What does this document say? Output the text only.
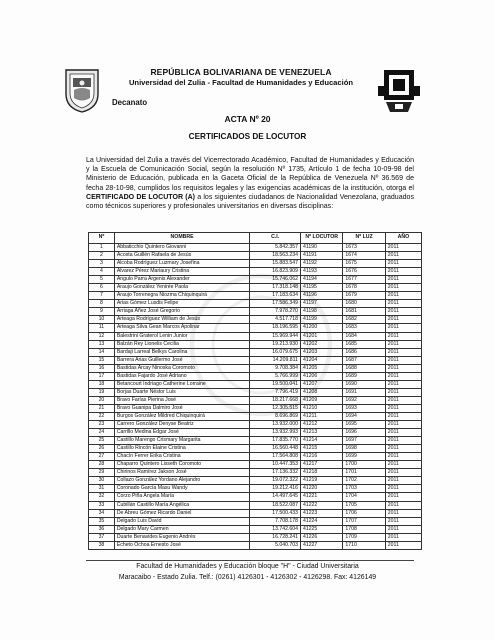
REPÚBLICA BOLIVARIANA DE VENEZUELA
Universidad del Zulia - Facultad de Humanidades y Educación
Decanato
ACTA Nº 20
CERTIFICADOS DE LOCUTOR
La Universidad del Zulia a través del Vicerrectorado Académico, Facultad de Humanidades y Educación y la Escuela de Comunicación Social, según la resolución Nº 1735, Artículo 1 de fecha 10-09-98 del Ministerio de Educación, publicada en la Gaceta Oficial de la República de Venezuela Nº 36.569 de fecha 28-10-98, cumplidos los requisitos legales y las exigencias académicas de la institución, otorga el CERTIFICADO DE LOCUTOR (A) a los siguientes ciudadanos de Nacionalidad Venezolana, graduados como técnicos superiores y profesionales universitarios en diversas disciplinas:
Nº	NOMBRE	C.I.	Nº LOCUTOR	Nº LUZ	AÑO
1	Abbaticchio Quintero Giovanni	5.842.357	41190	1673	2011
2	Acosta Guillén Rafaela de Jesús	18.563.234	41191	1674	2011
3	Alcoba Rodríguez Luzmary Josefina	15.883.547	41192	1675	2011
4	Álvarez Pérez Mariaury Cristina	16.823.909	41193	1676	2011
5	Angulo Parra Argenis Alexander	15.746.062	41194	1677	2011
6	Araujo González Yenirée Paola	17.318.148	41195	1678	2011
7	Araujo Torrenegra Niozma Chiquinquirá	17.183.634	41196	1679	2011
8	Arias Gómez Lusdis Felipe	17.586.349	41197	1680	2011
9	Arriaga Añez José Gregorio	7.978.270	41198	1681	2011
10	Arteaga Rodríguez William de Jesús	4.517.718	41199	1682	2011
11	Arteaga Silva Gean Marcos Apolinar	18.196.595	41200	1683	2011
12	Balestrini Graterol Lenin Junior	15.969.944	41201	1684	2011
13	Balzán Rey Lionelis Cecilia	19.213.930	41202	1685	2011
14	Bardaji Larreal Belkys Carolina	16.079.675	41203	1686	2011
15	Barrera Arias Guillermo José	14.209.811	41204	1687	2011
16	Bastidas Arcay Ninoska Coromoto	9.708.384	41205	1688	2011
17	Bastidas Fajardo José Adriano	5.766.999	41206	1689	2011
18	Betancourt Indriago Catherine Lorraine	19.500.041	41207	1690	2011
19	Borjas Duarte Néstor Luis	7.796.419	41208	1691	2011
20	Bravo Farías Pierina José	18.217.668	41209	1692	2011
21	Bravo Guanipa Dalmiro José	12.305.515	41210	1693	2011
22	Burgos González Mildred Chiquinquirá	8.696.869	41211	1694	2011
23	Carrero González Denyse Beatriz	13.932.000	41212	1695	2011
24	Carrillo Medina Edgar José	13.932.993	41213	1696	2011
25	Castillo Marengo Crismary Margarita	17.835.770	41214	1697	2011
26	Castillo Rincón Elaine Cristina	16.560.448	41215	1698	2011
27	Chacín Ferrer Erika Cristina	17.564.808	41216	1699	2011
28	Chaparro Quintero Lisseth Coromoto	10.447.353	41217	1700	2011
29	Chirinos Ramírez Jakson José	17.136.332	41218	1701	2011
30	Collazo González Yordano Alejandro	19.072.322	41219	1702	2011
31	Coronado García Masu Wandy	19.212.416	41220	1703	2011
32	Corzo Piña Angela María	14.497.645	41221	1704	2011
33	Cubillán Castillo María Angélica	18.522.087	41222	1705	2011
34	De Abreu Gómez Ricardo Daniel	17.500.433	41223	1706	2011
35	Delgado Luis David	7.708.178	41224	1707	2011
36	Delgado Mary Carmen	13.742.604	41225	1708	2011
37	Duarte Benavides Eugenio Andrés	16.728.241	41226	1709	2011
38	Echeto Ochoa Ernesto José	5.040.703	41227	1710	2011
Facultad de Humanidades y Educación bloque "H" - Ciudad Universitaria
Maracaibo - Estado Zulia. Telf.: (0261) 4126301 - 4126302 - 4126298. Fax: 4126149
